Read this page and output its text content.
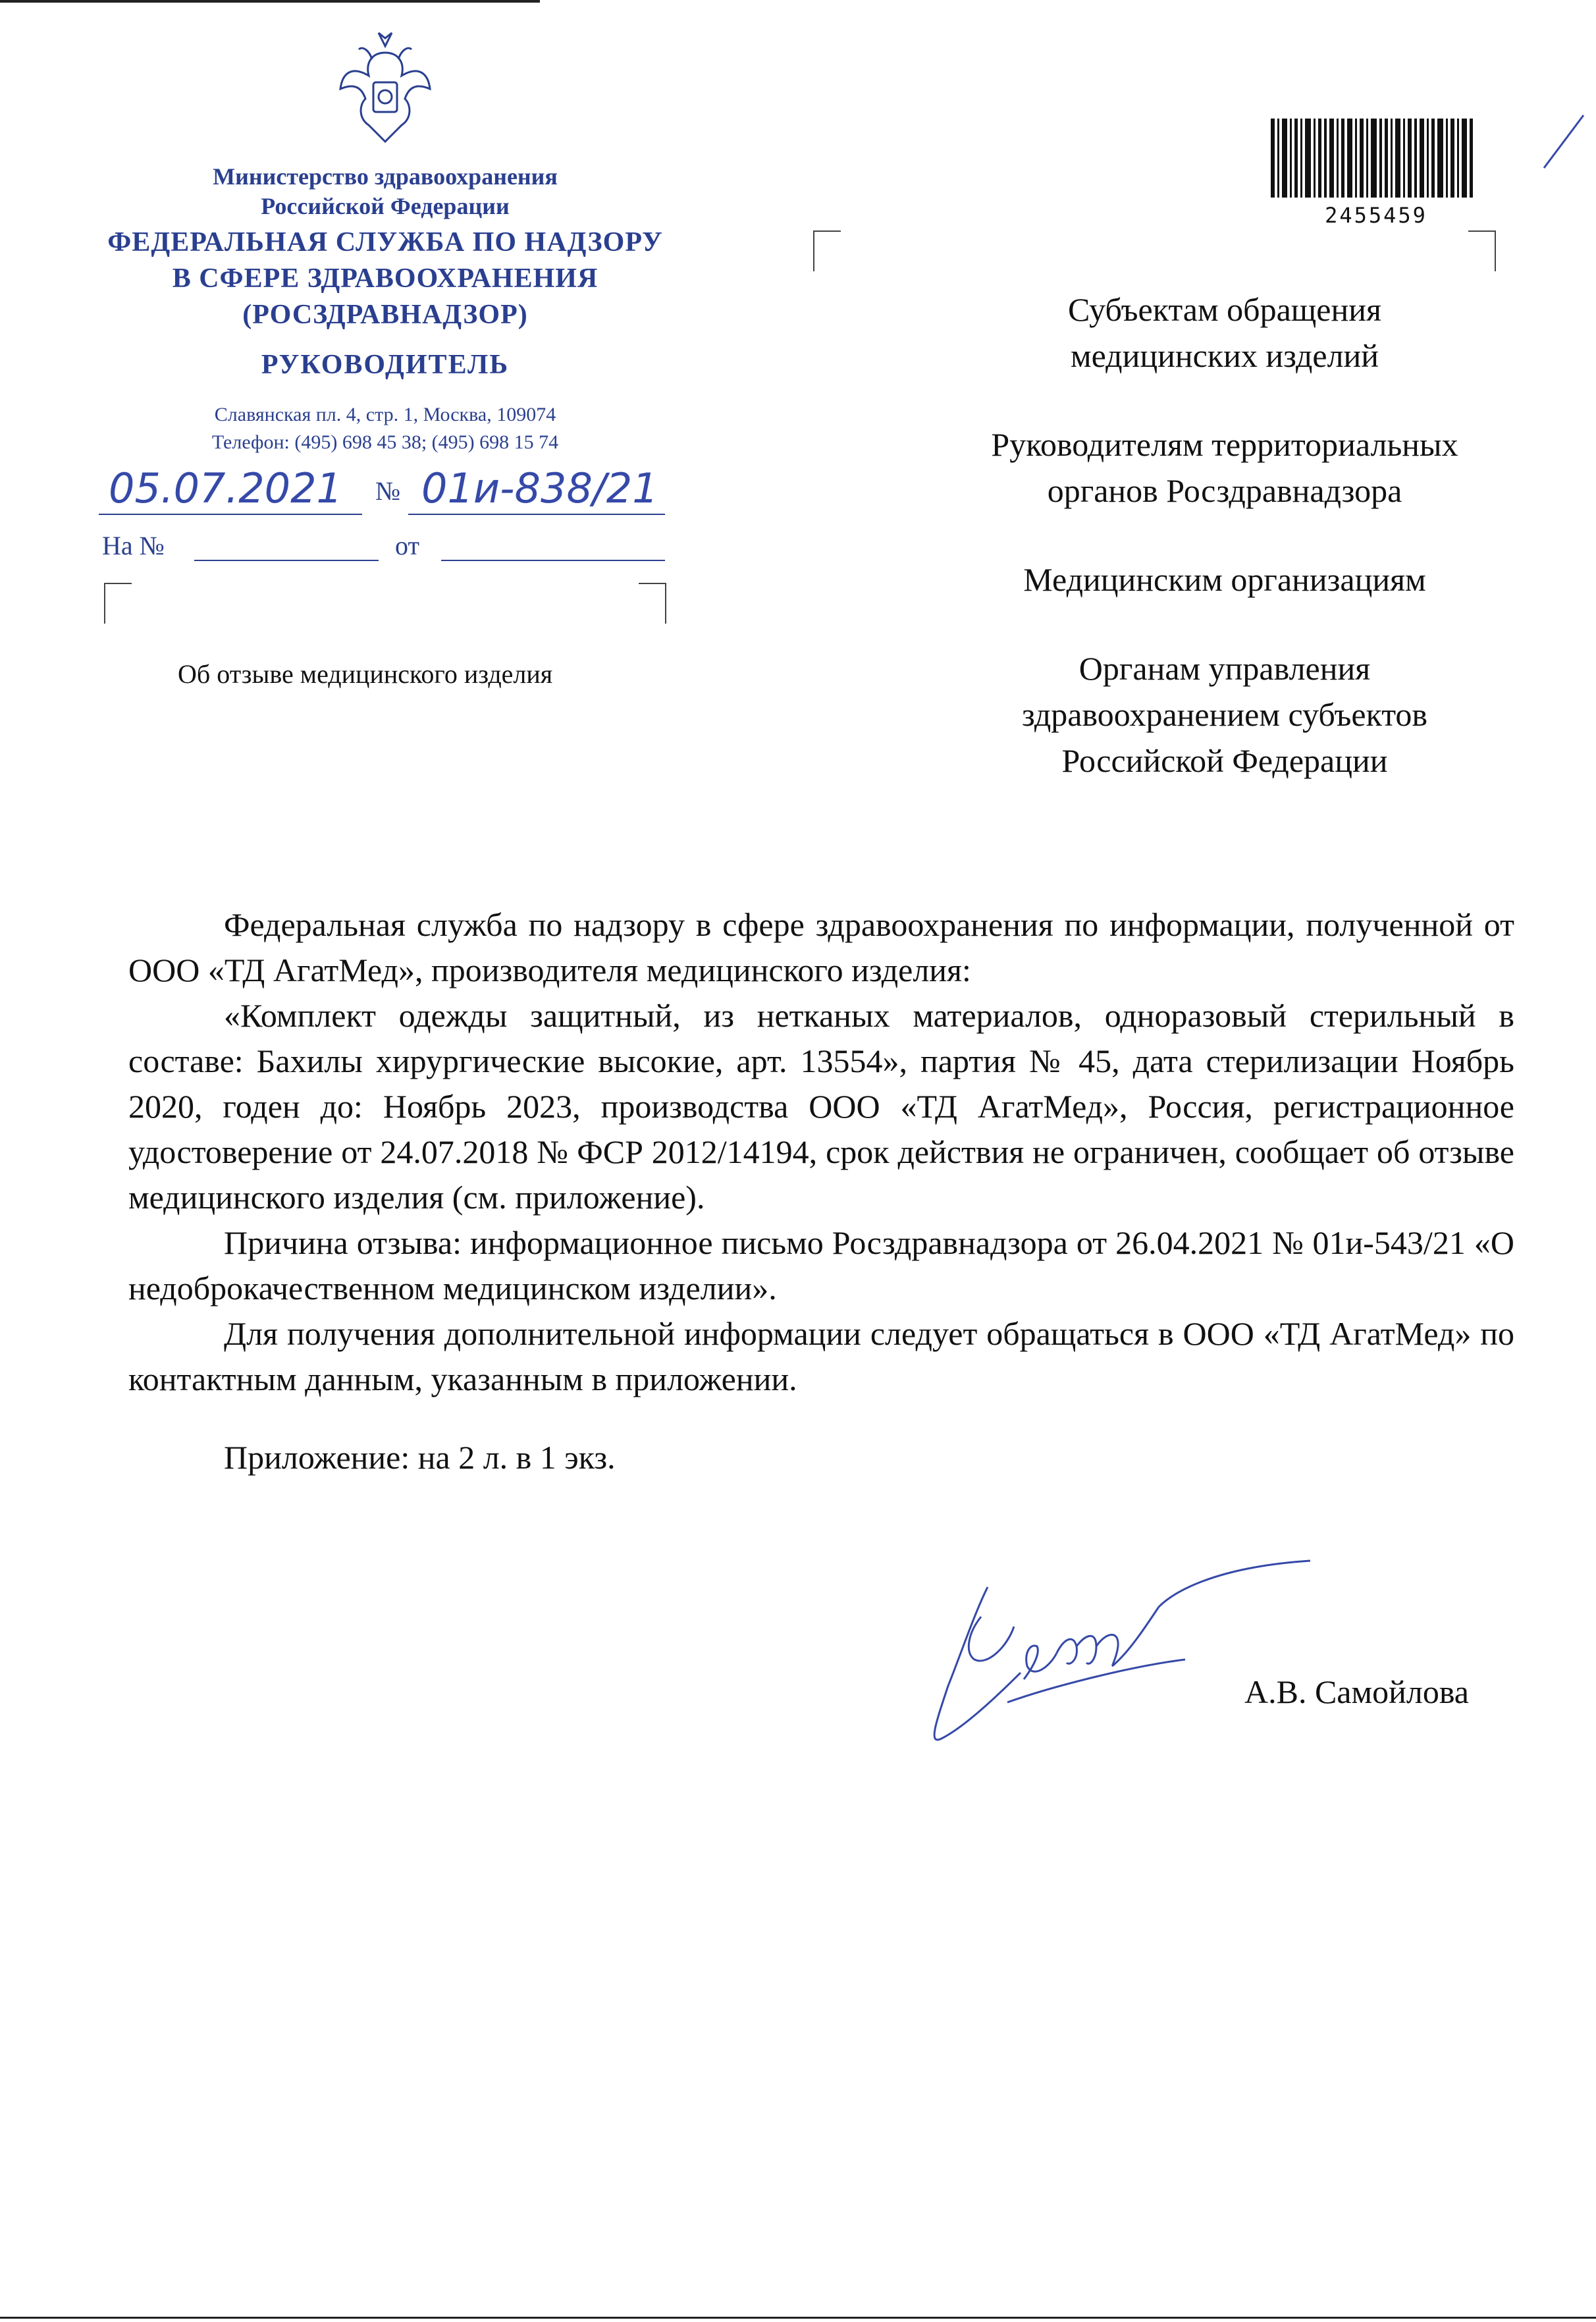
Министерство здравоохранения
Российской Федерации
ФЕДЕРАЛЬНАЯ СЛУЖБА ПО НАДЗОРУ
В СФЕРЕ ЗДРАВООХРАНЕНИЯ
(РОСЗДРАВНАДЗОР)
РУКОВОДИТЕЛЬ
Славянская пл. 4, стр. 1, Москва, 109074
Телефон: (495) 698 45 38; (495) 698 15 74
05.07.2021 № 01и-838/21
На №	от
Об отзыве медицинского изделия
2455459
Субъектам обращения
медицинских изделий
Руководителям территориальных
органов Росздравнадзора
Медицинским организациям
Органам управления
здравоохранением субъектов
Российской Федерации

Федеральная служба по надзору в сфере здравоохранения по информации, полученной от ООО «ТД АгатМед», производителя медицинского изделия:

«Комплект одежды защитный, из нетканых материалов, одноразовый стерильный в составе: Бахилы хирургические высокие, арт. 13554», партия № 45, дата стерилизации Ноябрь 2020, годен до: Ноябрь 2023, производства ООО «ТД АгатМед», Россия, регистрационное удостоверение от 24.07.2018 № ФСР 2012/14194, срок действия не ограничен, сообщает об отзыве медицинского изделия (см. приложение).

Причина отзыва: информационное письмо Росздравнадзора от 26.04.2021 № 01и-543/21 «О недоброкачественном медицинском изделии».

Для получения дополнительной информации следует обращаться в ООО «ТД АгатМед» по контактным данным, указанным в приложении.

Приложение: на 2 л. в 1 экз.

А.В. Самойлова
